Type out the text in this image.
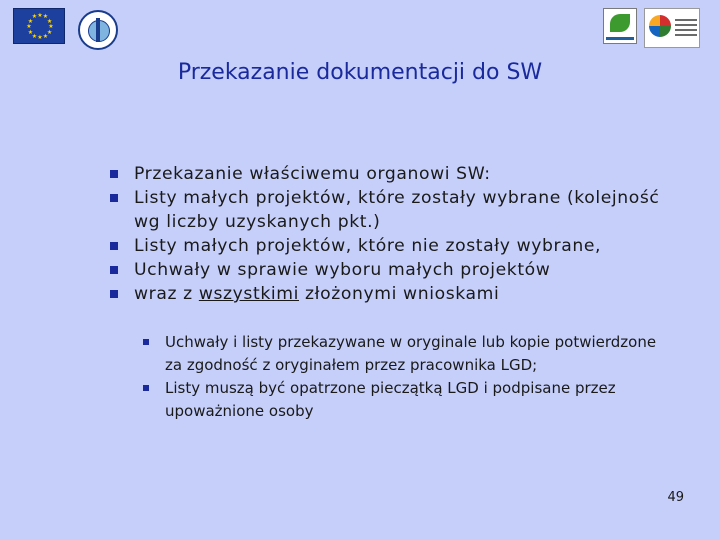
★ ★
★
★
★
★
★
★
★
★
★
★
Przekazanie dokumentacji do SW
Przekazanie właściwemu organowi SW:
Listy małych projektów, które zostały wybrane (kolejność wg liczby uzyskanych pkt.)
Listy małych projektów, które nie zostały wybrane,
Uchwały w sprawie wyboru małych projektów
wraz z wszystkimi złożonymi wnioskami
Uchwały i listy przekazywane w oryginale lub kopie potwierdzone za zgodność z oryginałem przez pracownika LGD;
Listy muszą być opatrzone pieczątką LGD i podpisane przez upoważnione osoby
49
